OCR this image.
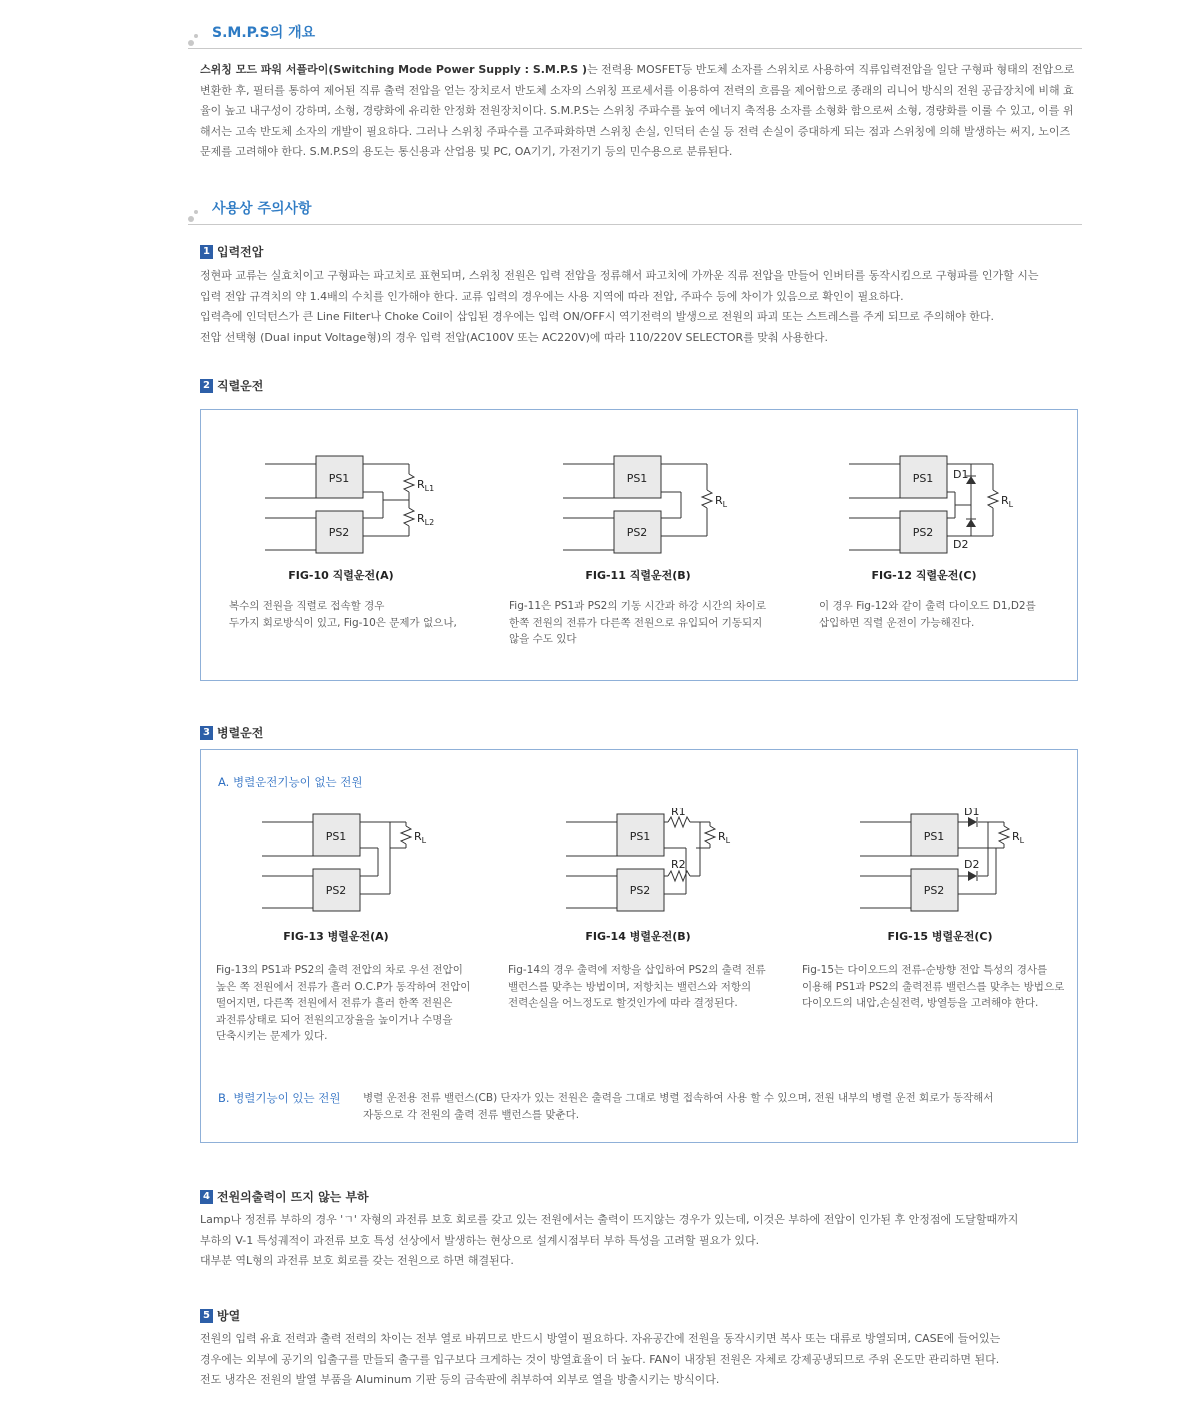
S.M.P.S의 개요
스위칭 모드 파워 서플라이(Switching Mode Power Supply : S.M.P.S )는 전력용 MOSFET등 반도체 소자를 스위치로 사용하여 직류입력전압을 일단 구형파 형태의 전압으로 변환한 후, 필터를 통하여 제어된 직류 출력 전압을 얻는 장치로서 반도체 소자의 스위칭 프로세서를 이용하여 전력의 흐름을 제어함으로 종래의 리니어 방식의 전원 공급장치에 비해 효율이 높고 내구성이 강하며, 소형, 경량화에 유리한 안정화 전원장치이다. S.M.P.S는 스위칭 주파수를 높여 에너지 축적용 소자를 소형화 함으로써 소형, 경량화를 이룰 수 있고, 이를 위해서는 고속 반도체 소자의 개발이 필요하다. 그러나 스위칭 주파수를 고주파화하면 스위칭 손실, 인덕터 손실 등 전력 손실이 증대하게 되는 점과 스위칭에 의해 발생하는 써지, 노이즈 문제를 고려해야 한다. S.M.P.S의 용도는 통신용과 산업용 및 PC, OA기기, 가전기기 등의 민수용으로 분류된다.
사용상 주의사항
1 입력전압
정현파 교류는 실효치이고 구형파는 파고치로 표현되며, 스위칭 전원은 입력 전압을 정류해서 파고치에 가까운 직류 전압을 만들어 인버터를 동작시킴으로 구형파를 인가할 시는
입력 전압 규격치의 약 1.4배의 수치를 인가해야 한다. 교류 입력의 경우에는 사용 지역에 따라 전압, 주파수 등에 차이가 있음으로 확인이 필요하다.
입력측에 인덕턴스가 큰 Line Filter나 Choke Coil이 삽입된 경우에는 입력 ON/OFF시 역기전력의 발생으로 전원의 파괴 또는 스트레스를 주게 되므로 주의해야 한다.
전압 선택형 (Dual input Voltage형)의 경우 입력 전압(AC100V 또는 AC220V)에 따라 110/220V SELECTOR를 맞춰 사용한다.
2 직렬운전
PS1
PS2
$R_{L1}$
$R_{L2}$
FIG-10 직렬운전(A)
복수의 전원을 직렬로 접속할 경우
두가지 회로방식이 있고, Fig-10은 문제가 없으나,
PS1
PS2
$R_L$
FIG-11 직렬운전(B)
Fig-11은 PS1과 PS2의 기동 시간과 하강 시간의 차이로
한쪽 전원의 전류가 다른쪽 전원으로 유입되어 기동되지
않을 수도 있다
PS1
PS2
D1
D2
$R_L$
FIG-12 직렬운전(C)
이 경우 Fig-12와 같이 출력 다이오드 D1,D2를
삽입하면 직렬 운전이 가능해진다.
3 병렬운전
A. 병렬운전기능이 없는 전원
PS1
PS2
$R_L$
FIG-13 병렬운전(A)
Fig-13의 PS1과 PS2의 출력 전압의 차로 우선 전압이
높은 쪽 전원에서 전류가 흘러 O.C.P가 동작하여 전압이
떨어지면, 다른쪽 전원에서 전류가 흘러 한쪽 전원은
과전류상태로 되어 전원의고장율을 높이거나 수명을
단축시키는 문제가 있다.
PS1
PS2
R1
R2
$R_L$
FIG-14 병렬운전(B)
Fig-14의 경우 출력에 저항을 삽입하여 PS2의 출력 전류
밸런스를 맞추는 방법이며, 저항치는 밸런스와 저항의
전력손실을 어느정도로 할것인가에 따라 결정된다.
PS1
PS2
D1
D2
$R_L$
FIG-15 병렬운전(C)
Fig-15는 다이오드의 전류-순방향 전압 특성의 경사를
이용해 PS1과 PS2의 출력전류 밸런스를 맞추는 방법으로
다이오드의 내압,손실전력, 방열등을 고려해야 한다.
B. 병렬기능이 있는 전원 병렬 운전용 전류 밸런스(CB) 단자가 있는 전원은 출력을 그대로 병렬 접속하여 사용 할 수 있으며, 전원 내부의 병렬 운전 회로가 동작해서
자동으로 각 전원의 출력 전류 밸런스를 맞춘다.
4 전원의출력이 뜨지 않는 부하
Lamp나 정전류 부하의 경우 'ㄱ' 자형의 과전류 보호 회로를 갖고 있는 전원에서는 출력이 뜨지않는 경우가 있는데, 이것은 부하에 전압이 인가된 후 안정점에 도달할때까지
부하의 V-1 특성궤적이 과전류 보호 특성 선상에서 발생하는 현상으로 설계시점부터 부하 특성을 고려할 필요가 있다.
대부분 역L형의 과전류 보호 회로를 갖는 전원으로 하면 해결된다.
5 방열
전원의 입력 유효 전력과 출력 전력의 차이는 전부 열로 바뀌므로 반드시 방열이 필요하다. 자유공간에 전원을 동작시키면 복사 또는 대류로 방열되며, CASE에 들어있는
경우에는 외부에 공기의 입출구를 만들되 출구를 입구보다 크게하는 것이 방열효율이 더 높다. FAN이 내장된 전원은 자체로 강제공냉되므로 주위 온도만 관리하면 된다.
전도 냉각은 전원의 발열 부품을 Aluminum 기판 등의 금속판에 취부하여 외부로 열을 방출시키는 방식이다.
